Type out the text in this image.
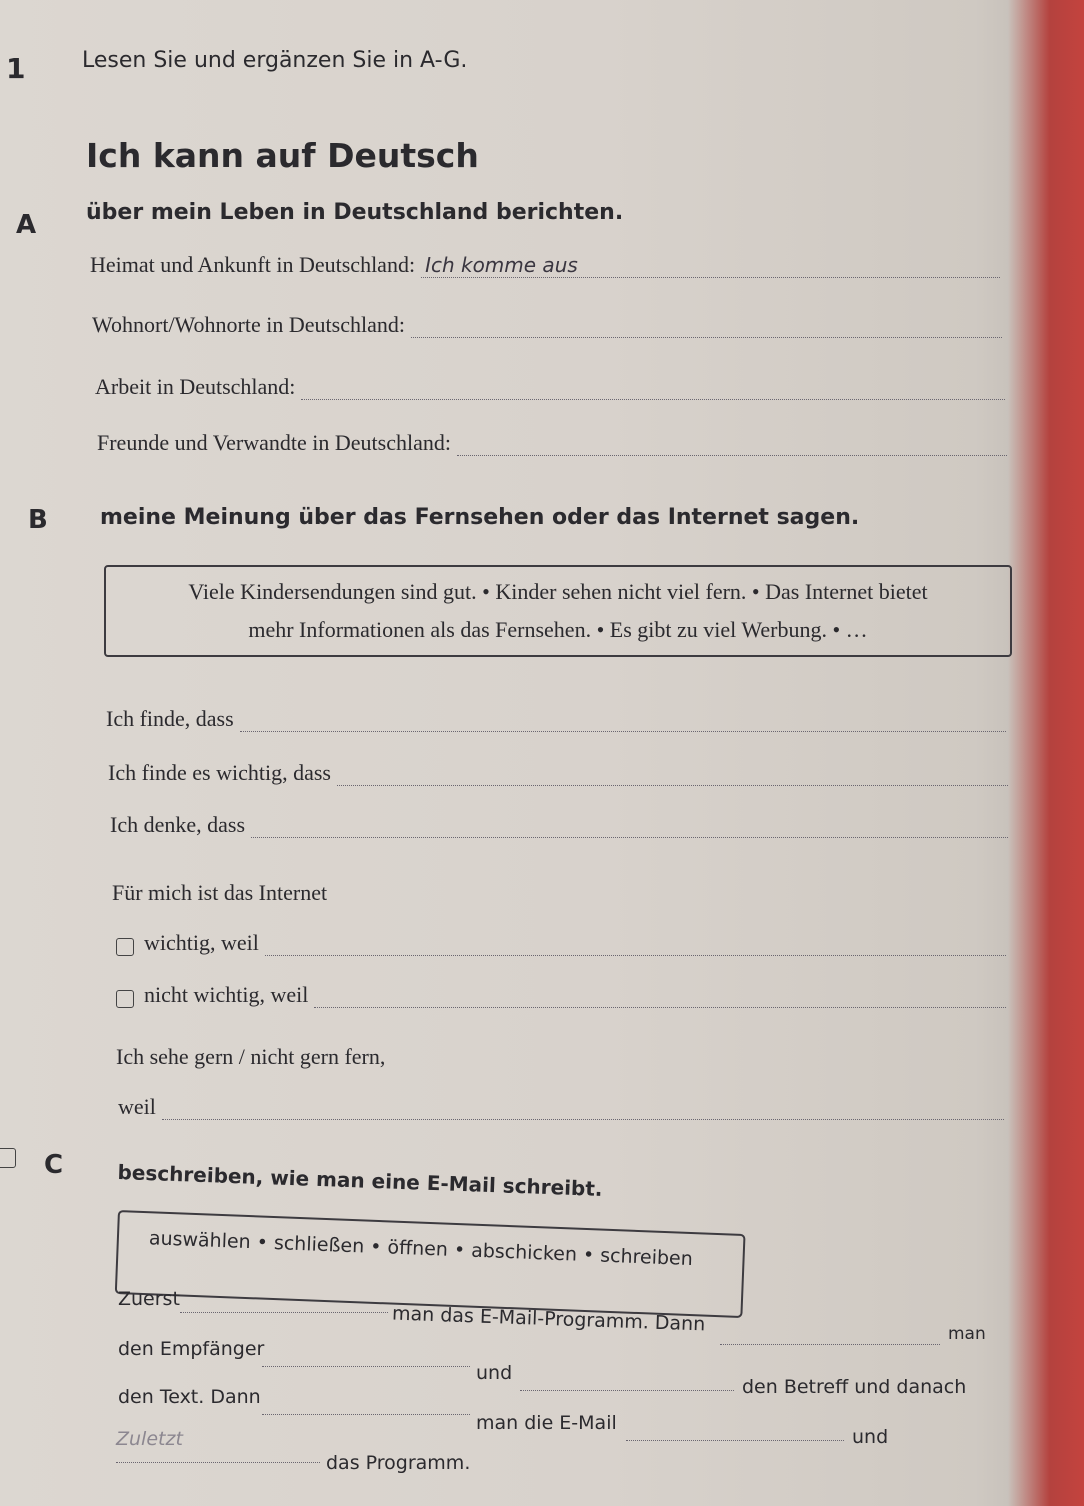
1	Lesen Sie und ergänzen Sie in A-G.
Ich kann auf Deutsch
A über mein Leben in Deutschland berichten.
Heimat und Ankunft in Deutschland: Ich komme aus
Wohnort/Wohnorte in Deutschland:
Arbeit in Deutschland:
Freunde und Verwandte in Deutschland:
B meine Meinung über das Fernsehen oder das Internet sagen.
Viele Kindersendungen sind gut. • Kinder sehen nicht viel fern. • Das Internet bietet
mehr Informationen als das Fernsehen. • Es gibt zu viel Werbung. • …
Ich finde, dass
Ich finde es wichtig, dass
Ich denke, dass
Für mich ist das Internet
wichtig, weil
nicht wichtig, weil
Ich sehe gern / nicht gern fern,
weil
C	beschreiben, wie man eine E-Mail schreibt.
auswählen • schließen • öffnen • abschicken • schreiben
Zuerst
man das E-Mail-Programm. Dann	man
den Empfänger
und
den Betreff und danach
den Text. Dann
man die E-Mail
und
Zuletzt
das Programm.
